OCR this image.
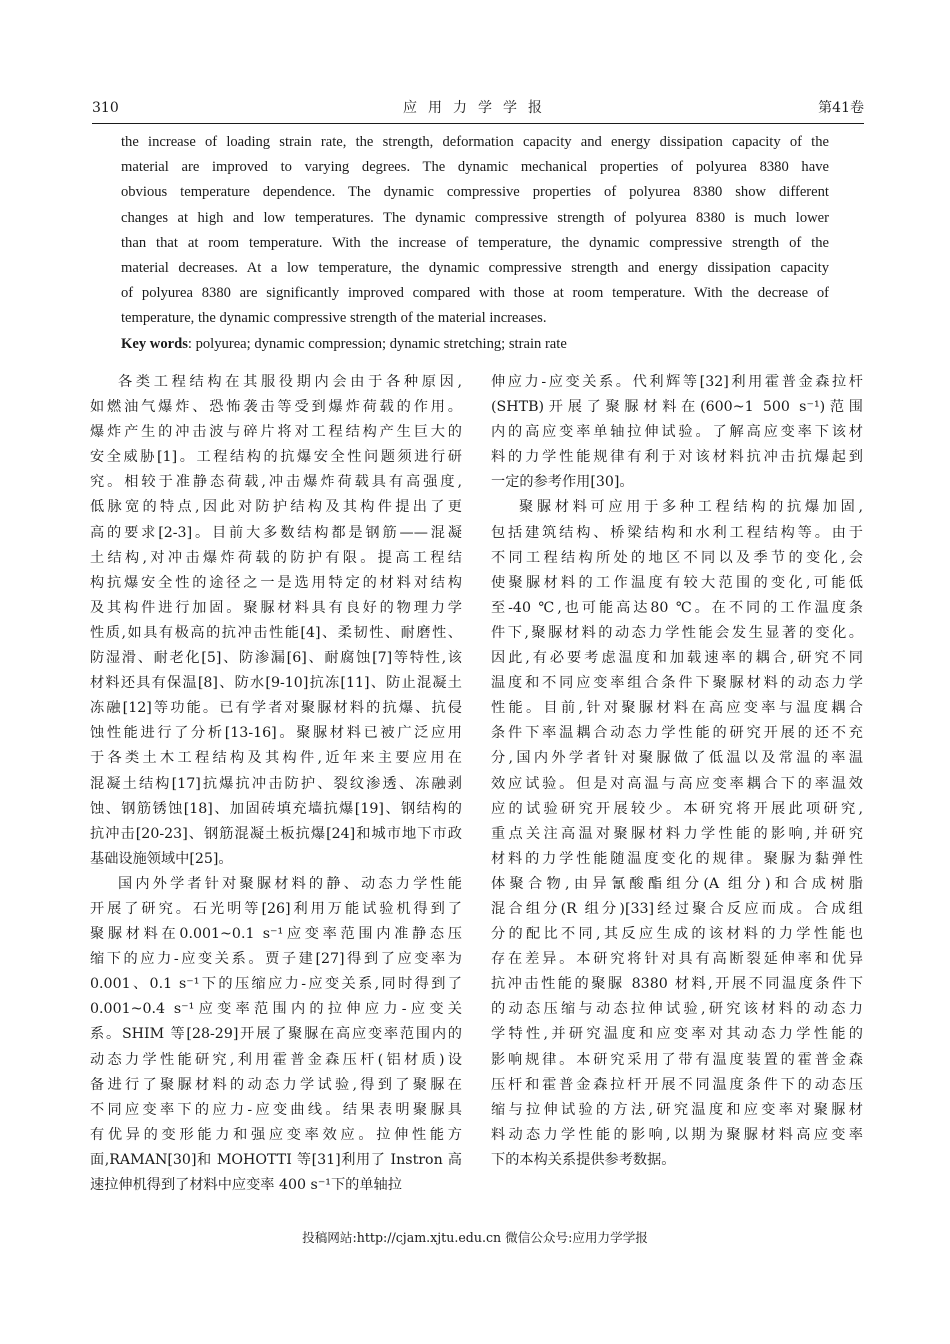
310	应用力学学报	第41卷
the increase of loading strain rate, the strength, deformation capacity and energy dissipation capacity of the
material are improved to varying degrees. The dynamic mechanical properties of polyurea 8380 have
obvious temperature dependence. The dynamic compressive properties of polyurea 8380 show different
changes at high and low temperatures. The dynamic compressive strength of polyurea 8380 is much lower
than that at room temperature. With the increase of temperature, the dynamic compressive strength of the
material decreases. At a low temperature, the dynamic compressive strength and energy dissipation capacity
of polyurea 8380 are significantly improved compared with those at room temperature. With the decrease of
temperature, the dynamic compressive strength of the material increases.
Key words: polyurea; dynamic compression; dynamic stretching; strain rate
各类工程结构在其服役期内会由于各种原因,
如燃油气爆炸、恐怖袭击等受到爆炸荷载的作用。
爆炸产生的冲击波与碎片将对工程结构产生巨大的
安全威胁[1]。工程结构的抗爆安全性问题须进行研
究。相较于准静态荷载,冲击爆炸荷载具有高强度,
低脉宽的特点,因此对防护结构及其构件提出了更
高的要求[2-3]。目前大多数结构都是钢筋——混凝
土结构,对冲击爆炸荷载的防护有限。提高工程结
构抗爆安全性的途径之一是选用特定的材料对结构
及其构件进行加固。聚脲材料具有良好的物理力学
性质,如具有极高的抗冲击性能[4]、柔韧性、耐磨性、
防湿滑、耐老化[5]、防渗漏[6]、耐腐蚀[7]等特性,该
材料还具有保温[8]、防水[9-10]抗冻[11]、防止混凝土
冻融[12]等功能。已有学者对聚脲材料的抗爆、抗侵
蚀性能进行了分析[13-16]。聚脲材料已被广泛应用
于各类土木工程结构及其构件,近年来主要应用在
混凝土结构[17]抗爆抗冲击防护、裂纹渗透、冻融剥
蚀、钢筋锈蚀[18]、加固砖填充墙抗爆[19]、钢结构的
抗冲击[20-23]、钢筋混凝土板抗爆[24]和城市地下市政
基础设施领域中[25]。
国内外学者针对聚脲材料的静、动态力学性能
开展了研究。石光明等[26]利用万能试验机得到了
聚脲材料在0.001~0.1 s⁻¹应变率范围内准静态压
缩下的应力-应变关系。贾子建[27]得到了应变率为
0.001、0.1 s⁻¹下的压缩应力-应变关系,同时得到了
0.001~0.4 s⁻¹应变率范围内的拉伸应力-应变关
系。SHIM 等[28-29]开展了聚脲在高应变率范围内的
动态力学性能研究,利用霍普金森压杆(铝材质)设
备进行了聚脲材料的动态力学试验,得到了聚脲在
不同应变率下的应力-应变曲线。结果表明聚脲具
有优异的变形能力和强应变率效应。拉伸性能方
面,RAMAN[30]和 MOHOTTI 等[31]利用了 Instron 高
速拉伸机得到了材料中应变率 400 s⁻¹下的单轴拉
伸应力-应变关系。代利辉等[32]利用霍普金森拉杆
(SHTB)开展了聚脲材料在(600~1 500 s⁻¹)范围
内的高应变率单轴拉伸试验。了解高应变率下该材
料的力学性能规律有利于对该材料抗冲击抗爆起到
一定的参考作用[30]。
聚脲材料可应用于多种工程结构的抗爆加固,
包括建筑结构、桥梁结构和水利工程结构等。由于
不同工程结构所处的地区不同以及季节的变化,会
使聚脲材料的工作温度有较大范围的变化,可能低
至-40 ℃,也可能高达80 ℃。在不同的工作温度条
件下,聚脲材料的动态力学性能会发生显著的变化。
因此,有必要考虑温度和加载速率的耦合,研究不同
温度和不同应变率组合条件下聚脲材料的动态力学
性能。目前,针对聚脲材料在高应变率与温度耦合
条件下率温耦合动态力学性能的研究开展的还不充
分,国内外学者针对聚脲做了低温以及常温的率温
效应试验。但是对高温与高应变率耦合下的率温效
应的试验研究开展较少。本研究将开展此项研究,
重点关注高温对聚脲材料力学性能的影响,并研究
材料的力学性能随温度变化的规律。聚脲为黏弹性
体聚合物,由异氰酸酯组分(A 组分)和合成树脂
混合组分(R 组分)[33]经过聚合反应而成。合成组
分的配比不同,其反应生成的该材料的力学性能也
存在差异。本研究将针对具有高断裂延伸率和优异
抗冲击性能的聚脲 8380 材料,开展不同温度条件下
的动态压缩与动态拉伸试验,研究该材料的动态力
学特性,并研究温度和应变率对其动态力学性能的
影响规律。本研究采用了带有温度装置的霍普金森
压杆和霍普金森拉杆开展不同温度条件下的动态压
缩与拉伸试验的方法,研究温度和应变率对聚脲材
料动态力学性能的影响,以期为聚脲材料高应变率
下的本构关系提供参考数据。
投稿网站:http://cjam.xjtu.edu.cn 微信公众号:应用力学学报
